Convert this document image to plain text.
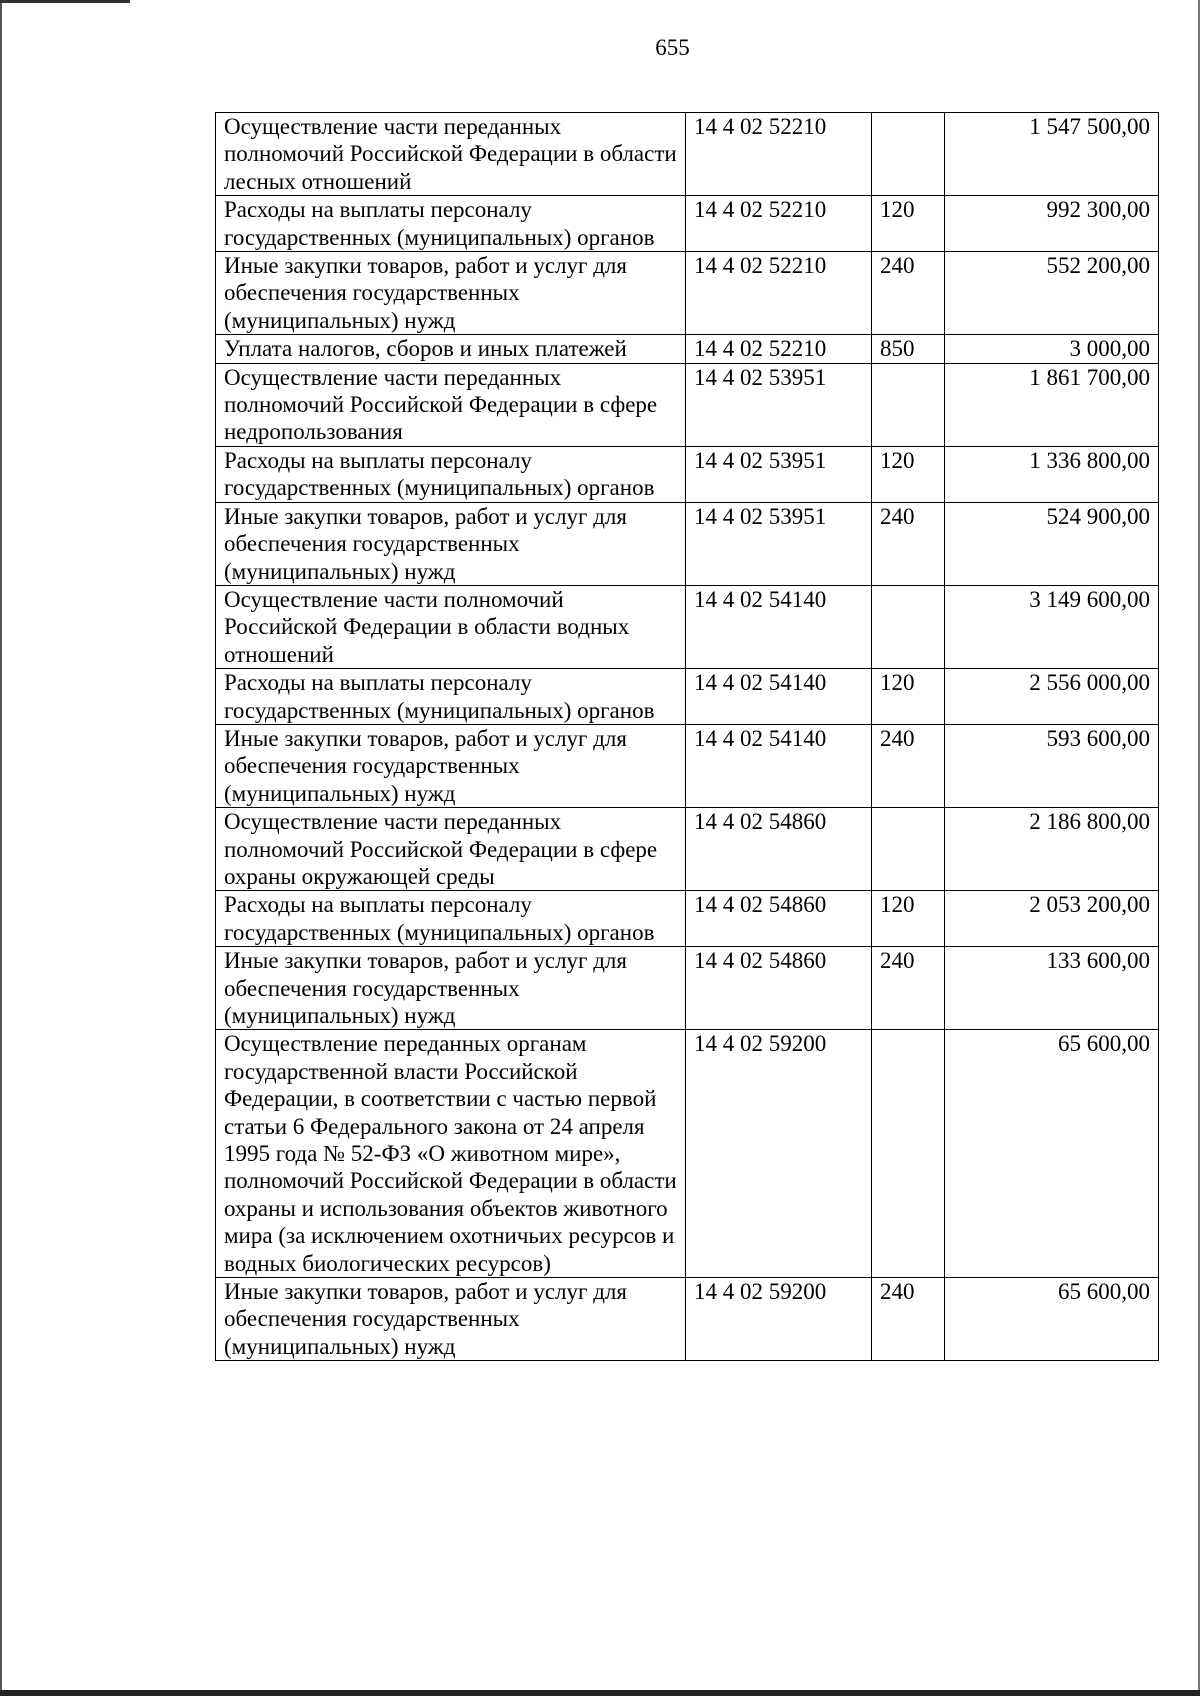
655
Осуществление части переданных полномочий Российской Федерации в области лесных отношений	14 4 02 52210		1 547 500,00
Расходы на выплаты персоналу государственных (муниципальных) органов	14 4 02 52210	120	992 300,00
Иные закупки товаров, работ и услуг для обеспечения государственных (муниципальных) нужд	14 4 02 52210	240	552 200,00
Уплата налогов, сборов и иных платежей	14 4 02 52210	850	3 000,00
Осуществление части переданных полномочий Российской Федерации в сфере недропользования	14 4 02 53951		1 861 700,00
Расходы на выплаты персоналу государственных (муниципальных) органов	14 4 02 53951	120	1 336 800,00
Иные закупки товаров, работ и услуг для обеспечения государственных (муниципальных) нужд	14 4 02 53951	240	524 900,00
Осуществление части полномочий Российской Федерации в области водных отношений	14 4 02 54140		3 149 600,00
Расходы на выплаты персоналу государственных (муниципальных) органов	14 4 02 54140	120	2 556 000,00
Иные закупки товаров, работ и услуг для обеспечения государственных (муниципальных) нужд	14 4 02 54140	240	593 600,00
Осуществление части переданных полномочий Российской Федерации в сфере охраны окружающей среды	14 4 02 54860		2 186 800,00
Расходы на выплаты персоналу государственных (муниципальных) органов	14 4 02 54860	120	2 053 200,00
Иные закупки товаров, работ и услуг для обеспечения государственных (муниципальных) нужд	14 4 02 54860	240	133 600,00
Осуществление переданных органам государственной власти Российской Федерации, в соответствии с частью первой статьи 6 Федерального закона от 24 апреля 1995 года № 52-ФЗ «О животном мире», полномочий Российской Федерации в области охраны и использования объектов животного мира (за исключением охотничьих ресурсов и водных биологических ресурсов)	14 4 02 59200		65 600,00
Иные закупки товаров, работ и услуг для обеспечения государственных (муниципальных) нужд	14 4 02 59200	240	65 600,00
